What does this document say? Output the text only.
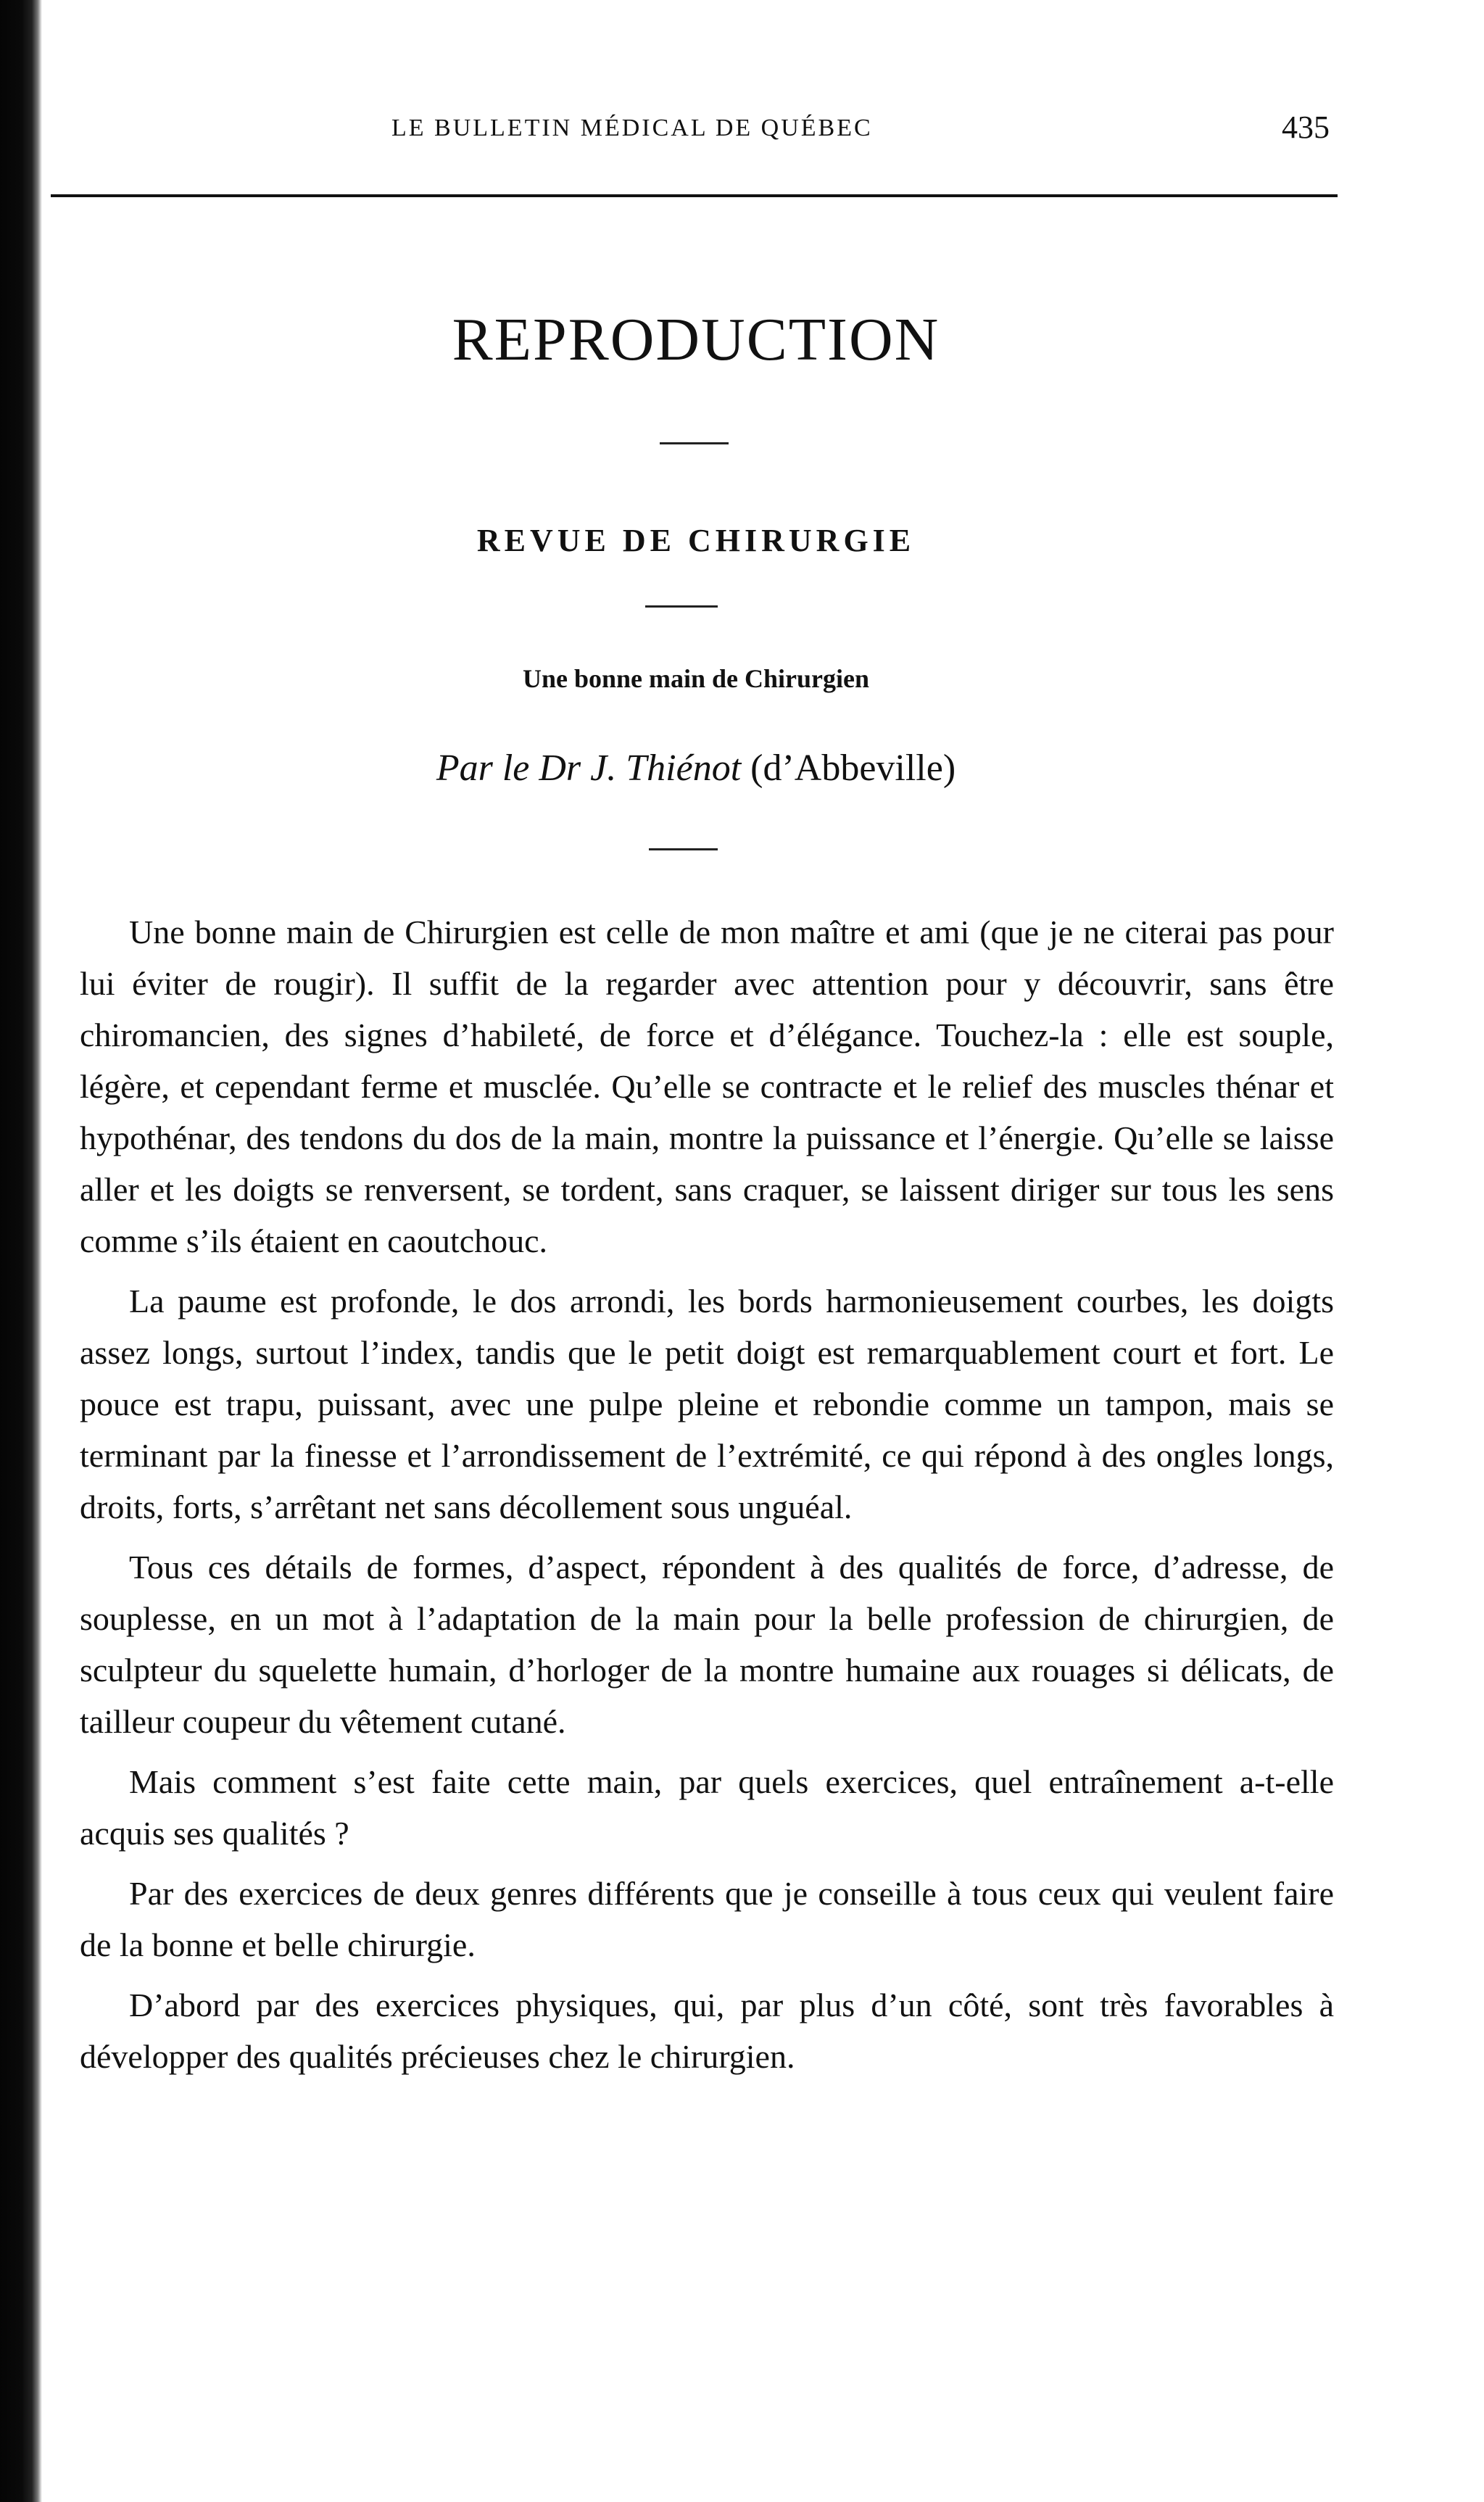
LE BULLETIN MÉDICAL DE QUÉBEC	435
REPRODUCTION
REVUE DE CHIRURGIE
Une bonne main de Chirurgien
Par le Dr J. Thiénot (d’Abbeville)

Une bonne main de Chirurgien est celle de mon maître et ami (que je ne citerai pas pour lui éviter de rougir). Il suffit de la regarder avec attention pour y découvrir, sans être chiromancien, des signes d’habileté, de force et d’élégance. Touchez-la : elle est souple, légère, et cependant ferme et musclée. Qu’elle se contracte et le relief des muscles thénar et hypothénar, des tendons du dos de la main, montre la puissance et l’énergie. Qu’elle se laisse aller et les doigts se renversent, se tordent, sans craquer, se laissent diriger sur tous les sens comme s’ils étaient en caoutchouc.

La paume est profonde, le dos arrondi, les bords harmonieusement courbes, les doigts assez longs, surtout l’index, tandis que le petit doigt est remarquablement court et fort. Le pouce est trapu, puissant, avec une pulpe pleine et rebondie comme un tampon, mais se terminant par la finesse et l’arrondissement de l’extrémité, ce qui répond à des ongles longs, droits, forts, s’arrêtant net sans décollement sous unguéal.

Tous ces détails de formes, d’aspect, répondent à des qualités de force, d’adresse, de souplesse, en un mot à l’adaptation de la main pour la belle profession de chirurgien, de sculpteur du squelette humain, d’horloger de la montre humaine aux rouages si délicats, de tailleur coupeur du vêtement cutané.

Mais comment s’est faite cette main, par quels exercices, quel entraînement a-t-elle acquis ses qualités ?

Par des exercices de deux genres différents que je conseille à tous ceux qui veulent faire de la bonne et belle chirurgie.

D’abord par des exercices physiques, qui, par plus d’un côté, sont très favorables à développer des qualités précieuses chez le chirurgien.
